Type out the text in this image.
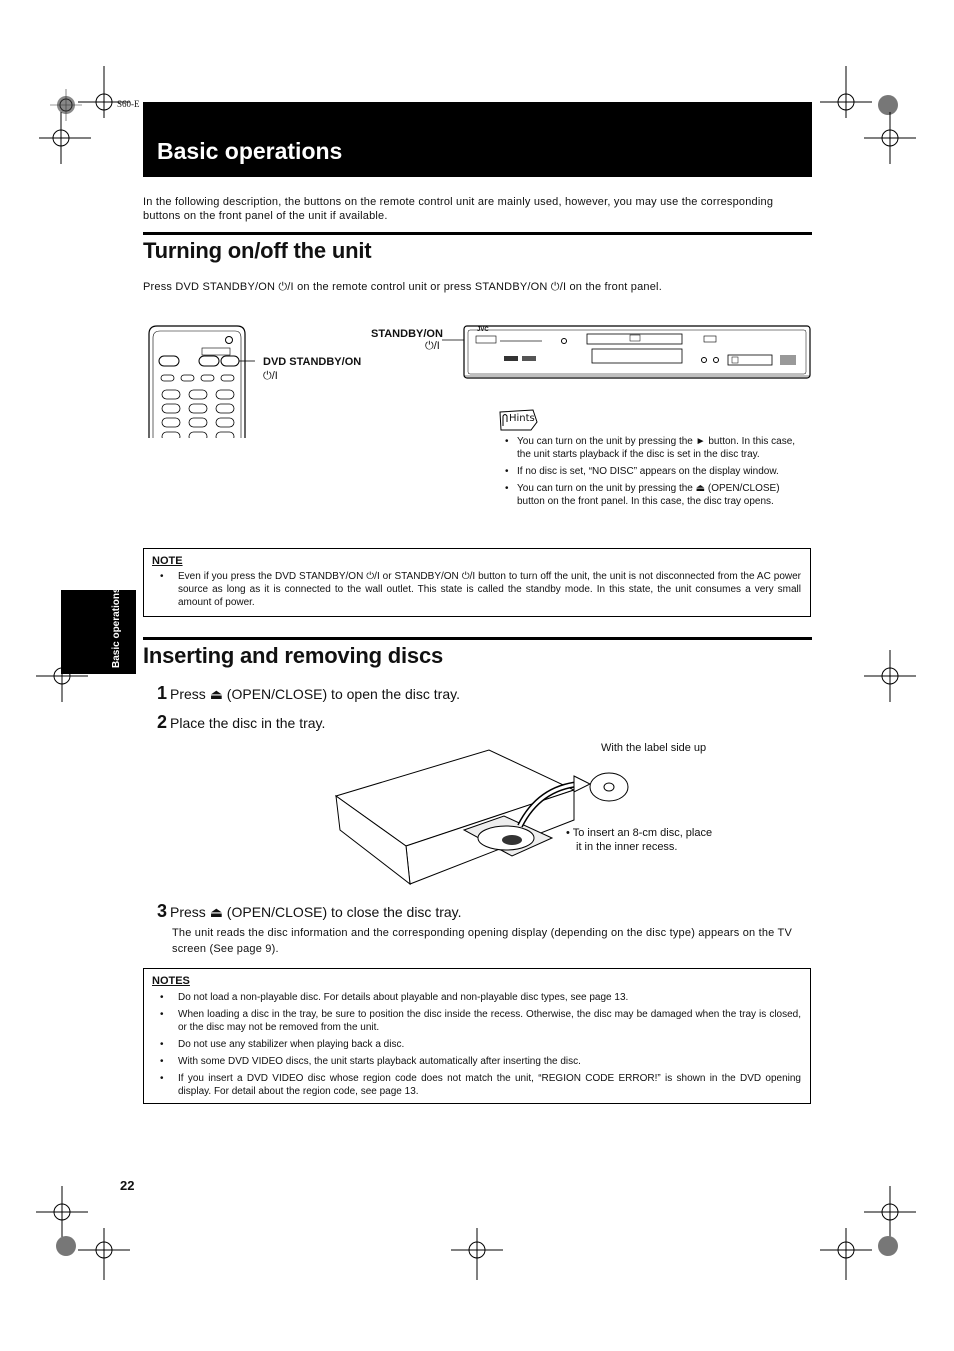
S60-E
Basic operations
In the following description, the buttons on the remote control unit are mainly used, however, you may use the corresponding buttons on the front panel of the unit if available.
Turning on/off the unit
Press DVD STANDBY/ON ⏻/I on the remote control unit or press STANDBY/ON ⏻/I on the front panel.
DVD STANDBY/ON
⏻/I
STANDBY/ON
⏻/I
JVC
Hints
• You can turn on the unit by pressing the ► button. In this case, the unit starts playback if the disc is set in the disc tray.
• If no disc is set, “NO DISC” appears on the display window.
• You can turn on the unit by pressing the ⏏ (OPEN/CLOSE) button on the front panel. In this case, the disc tray opens.
NOTE
• Even if you press the DVD STANDBY/ON ⏻/I or STANDBY/ON ⏻/I button to turn off the unit, the unit is not disconnected from the AC power source as long as it is connected to the wall outlet. This state is called the standby mode. In this state, the unit consumes a very small amount of power.
Basic operations Inserting and removing discs
1 Press ⏏ (OPEN/CLOSE) to open the disc tray.
2 Place the disc in the tray.
With the label side up
• To insert an 8-cm disc, place
it in the inner recess.
3 Press ⏏ (OPEN/CLOSE) to close the disc tray.
The unit reads the disc information and the corresponding opening display (depending on the disc type) appears on the TV screen (See page 9).
NOTES
• Do not load a non-playable disc. For details about playable and non-playable disc types, see page 13.
• When loading a disc in the tray, be sure to position the disc inside the recess. Otherwise, the disc may be damaged when the tray is closed, or the disc may not be removed from the unit.
• Do not use any stabilizer when playing back a disc.
• With some DVD VIDEO discs, the unit starts playback automatically after inserting the disc.
• If you insert a DVD VIDEO disc whose region code does not match the unit, “REGION CODE ERROR!” is shown in the DVD opening display. For detail about the region code, see page 13.
22
